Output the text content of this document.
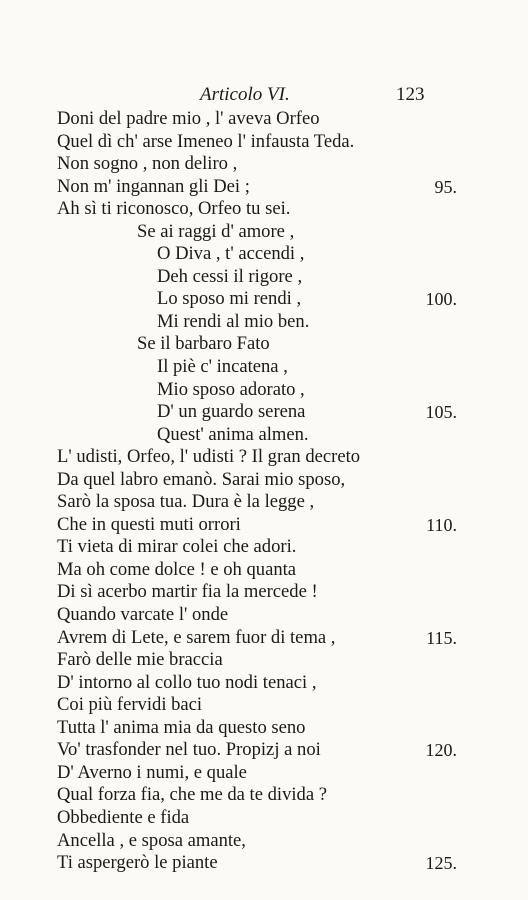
Articolo VI.	123
Doni del padre mio , l' aveva Orfeo
Quel dì ch' arse Imeneo l' infausta Teda.
Non sogno , non deliro ,
Non m' ingannan gli Dei ;	95.
Ah sì ti riconosco, Orfeo tu sei.
Se ai raggi d' amore ,
O Diva , t' accendi ,
Deh cessi il rigore ,
Lo sposo mi rendi ,	100.
Mi rendi al mio ben.
Se il barbaro Fato
Il piè c' incatena ,
Mio sposo adorato ,
D' un guardo serena	105.
Quest' anima almen.
L' udisti, Orfeo, l' udisti ? Il gran decreto
Da quel labro emanò. Sarai mio sposo,
Sarò la sposa tua. Dura è la legge ,
Che in questi muti orrori	110.
Ti vieta di mirar colei che adori.
Ma oh come dolce ! e oh quanta
Di sì acerbo martir fia la mercede !
Quando varcate l' onde
Avrem di Lete, e sarem fuor di tema ,	115.
Farò delle mie braccia
D' intorno al collo tuo nodi tenaci ,
Coi più fervidi baci
Tutta l' anima mia da questo seno
Vo' trasfonder nel tuo. Propizj a noi	120.
D' Averno i numi, e quale
Qual forza fia, che me da te divida ?
Obbediente e fida
Ancella , e sposa amante,
Ti aspergerò le piante	125.
